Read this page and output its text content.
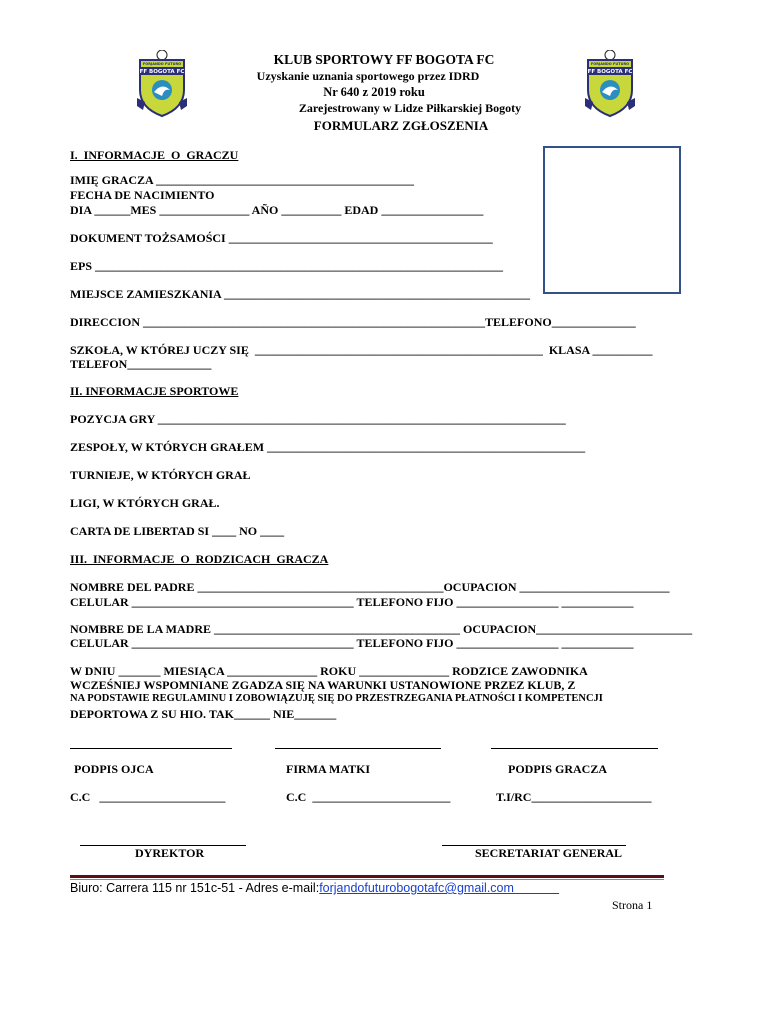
FF BOGOTA FC
FORJANDO FUTURO
FF BOGOTA FC
FORJANDO FUTURO
KLUB SPORTOWY FF BOGOTA FC
Uzyskanie uznania sportowego przez IDRD
Nr 640 z 2019 roku
Zarejestrowany w Lidze Piłkarskiej Bogoty
FORMULARZ ZGŁOSZENIA
I.  INFORMACJE  O  GRACZU
IMIĘ GRACZA ___________________________________________
FECHA DE NACIMIENTO
DIA ______MES _______________ AÑO __________ EDAD _________________
DOKUMENT TOŻSAMOŚCI ____________________________________________
EPS ____________________________________________________________________
MIEJSCE ZAMIESZKANIA ___________________________________________________
DIRECCION _________________________________________________________TELEFONO______________
SZKOŁA, W KTÓREJ UCZY SIĘ  ________________________________________________  KLASA __________
TELEFON______________
II. INFORMACJE SPORTOWE
POZYCJA GRY ____________________________________________________________________
ZESPOŁY, W KTÓRYCH GRAŁEM _____________________________________________________
TURNIEJE, W KTÓRYCH GRAŁ
LIGI, W KTÓRYCH GRAŁ.
CARTA DE LIBERTAD SI ____ NO ____
III.  INFORMACJE  O  RODZICACH  GRACZA
NOMBRE DEL PADRE _________________________________________OCUPACION _________________________
CELULAR _____________________________________ TELEFONO FIJO _________________ ____________
NOMBRE DE LA MADRE _________________________________________ OCUPACION__________________________
CELULAR _____________________________________ TELEFONO FIJO _________________ ____________
W DNIU _______ MIESIĄCA _______________ ROKU _______________ RODZICE ZAWODNIKA
WCZEŚNIEJ WSPOMNIANE ZGADZA SIĘ NA WARUNKI USTANOWIONE PRZEZ KLUB, Z
NA PODSTAWIE REGULAMINU I ZOBOWIĄZUJĘ SIĘ DO PRZESTRZEGANIA PŁATNOŚCI I KOMPETENCJI
DEPORTOWA Z SU HIO. TAK______ NIE_______
PODPIS OJCA	FIRMA MATKI	PODPIS GRACZA
C.C   _____________________	C.C  _______________________	T.I/RC____________________
DYREKTOR	SECRETARIAT GENERAL
Biuro: Carrera 115 nr 151c-51 - Adres e-mail:forjandofuturobogotafc@gmail.com
Strona 1
